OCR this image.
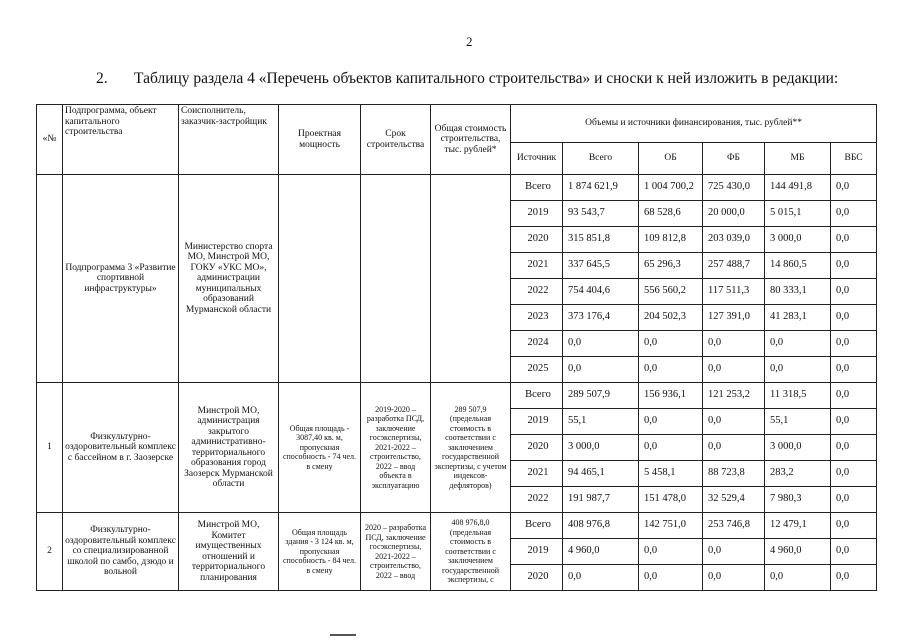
2
2. Таблицу раздела 4 «Перечень объектов капитального строительства» и сноски к ней изложить в редакции:
«№	Подпрограмма, объект капитального строительства	Соисполнитель, заказчик-застройщик	Проектная мощность	Срок строительства	Общая стоимость строительства, тыс. рублей*	Объемы и источники финансирования, тыс. рублей**					
						Источник	Всего	ОБ	ФБ	МБ	ВБС
	Подпрограмма 3 «Развитие спортивной инфраструктуры»	Министерство спорта МО, Минстрой МО, ГОКУ «УКС МО», администрации муниципальных образований Мурманской области				Всего	1 874 621,9	1 004 700,2	725 430,0	144 491,8	0,0
						2019	93 543,7	68 528,6	20 000,0	5 015,1	0,0
						2020	315 851,8	109 812,8	203 039,0	3 000,0	0,0
						2021	337 645,5	65 296,3	257 488,7	14 860,5	0,0
						2022	754 404,6	556 560,2	117 511,3	80 333,1	0,0
						2023	373 176,4	204 502,3	127 391,0	41 283,1	0,0
						2024	0,0	0,0	0,0	0,0	0,0
						2025	0,0	0,0	0,0	0,0	0,0
1	Физкультурно-оздоровительный комплекс с бассейном в г. Заозерске	Минстрой МО, администрация закрытого административно-территориального образования город Заозерск Мурманской области	Общая площадь - 3087,40 кв. м, пропускная способность - 74 чел. в смену	2019-2020 – разработка ПСД, заключение госэкспертизы, 2021-2022 – строительство, 2022 – ввод объекта в эксплуатацию	289 507,9 (предельная стоимость в соответствии с заключением государственной экспертизы, с учетом индексов-дефляторов)	Всего	289 507,9	156 936,1	121 253,2	11 318,5	0,0
						2019	55,1	0,0	0,0	55,1	0,0
						2020	3 000,0	0,0	0,0	3 000,0	0,0
						2021	94 465,1	5 458,1	88 723,8	283,2	0,0
						2022	191 987,7	151 478,0	32 529,4	7 980,3	0,0
2	Физкультурно-оздоровительный комплекс со специализированной школой по самбо, дзюдо и вольной	Минстрой МО, Комитет имущественных отношений и территориального планирования	Общая площадь здания - 3 124 кв. м, пропускная способность - 84 чел. в смену	2020 – разработка ПСД, заключение госэкспертизы, 2021-2022 – строительство, 2022 – ввод	408 976,8,0 (предельная стоимость в соответствии с заключением государственной экспертизы, с	Всего	408 976,8	142 751,0	253 746,8	12 479,1	0,0
						2019	4 960,0	0,0	0,0	4 960,0	0,0
						2020	0,0	0,0	0,0	0,0	0,0
